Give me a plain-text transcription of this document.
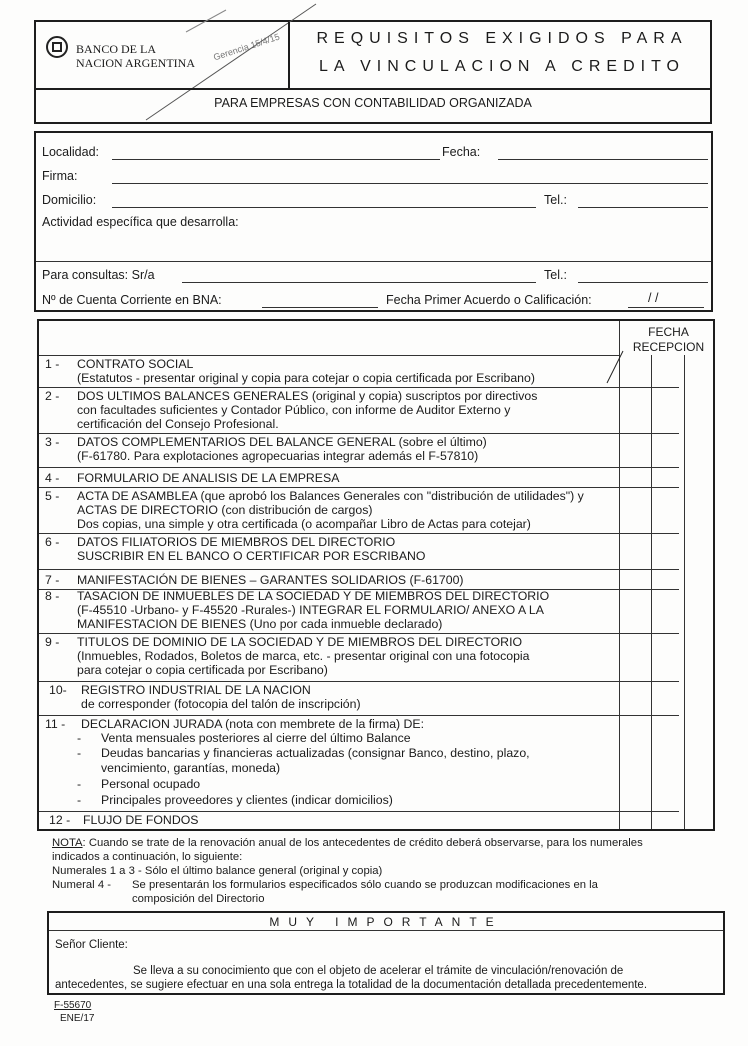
BANCO DE LA
NACION ARGENTINA
Gerencia 15/4/15	REQUISITOS EXIGIDOS PARA
LA VINCULACION A CREDITO
PARA EMPRESAS CON CONTABILIDAD ORGANIZADA
Localidad:	Fecha:
Firma:
Domicilio:	Tel.:
Actividad específica que desarrolla:
Para consultas: Sr/a	Tel.:
Nº de Cuenta Corriente en BNA:	Fecha Primer Acuerdo o Calificación:	/ /
FECHA
RECEPCION
1 - CONTRATO SOCIAL
(Estatutos - presentar original y copia para cotejar o copia certificada por Escribano)
2 - DOS ULTIMOS BALANCES GENERALES (original y copia) suscriptos por directivos
con facultades suficientes y Contador Público, con informe de Auditor Externo y
certificación del Consejo Profesional.
3 - DATOS COMPLEMENTARIOS DEL BALANCE GENERAL (sobre el último)
(F-61780. Para explotaciones agropecuarias integrar además el F-57810)
4 - FORMULARIO DE ANALISIS DE LA EMPRESA
5 - ACTA DE ASAMBLEA (que aprobó los Balances Generales con "distribución de utilidades") y
ACTAS DE DIRECTORIO (con distribución de cargos)
Dos copias, una simple y otra certificada (o acompañar Libro de Actas para cotejar)
6 - DATOS FILIATORIOS DE MIEMBROS DEL DIRECTORIO
SUSCRIBIR EN EL BANCO O CERTIFICAR POR ESCRIBANO
7 - MANIFESTACIÓN DE BIENES – GARANTES SOLIDARIOS (F-61700)
8 - TASACION DE INMUEBLES DE LA SOCIEDAD Y DE MIEMBROS DEL DIRECTORIO
(F-45510 -Urbano- y F-45520 -Rurales-) INTEGRAR EL FORMULARIO/ ANEXO A LA
MANIFESTACION DE BIENES (Uno por cada inmueble declarado)
9 - TITULOS DE DOMINIO DE LA SOCIEDAD Y DE MIEMBROS DEL DIRECTORIO
(Inmuebles, Rodados, Boletos de marca, etc. - presentar original con una fotocopia
para cotejar o copia certificada por Escribano)
10- REGISTRO INDUSTRIAL DE LA NACION
de corresponder (fotocopia del talón de inscripción)
11 - DECLARACION JURADA (nota con membrete de la firma) DE:
- Venta mensuales posteriores al cierre del último Balance
- Deudas bancarias y financieras actualizadas (consignar Banco, destino, plazo,
vencimiento, garantías, moneda)
- Personal ocupado
- Principales proveedores y clientes (indicar domicilios)
12 - FLUJO DE FONDOS
NOTA: Cuando se trate de la renovación anual de los antecedentes de crédito deberá observarse, para los numerales
indicados a continuación, lo siguiente:
Numerales 1 a 3 - Sólo el último balance general (original y copia)
Numeral 4 - Se presentarán los formularios especificados sólo cuando se produzcan modificaciones en la
composición del Directorio
MUY IMPORTANTE
Señor Cliente:
Se lleva a su conocimiento que con el objeto de acelerar el trámite de vinculación/renovación de
antecedentes, se sugiere efectuar en una sola entrega la totalidad de la documentación detallada precedentemente.
F-55670
ENE/17
